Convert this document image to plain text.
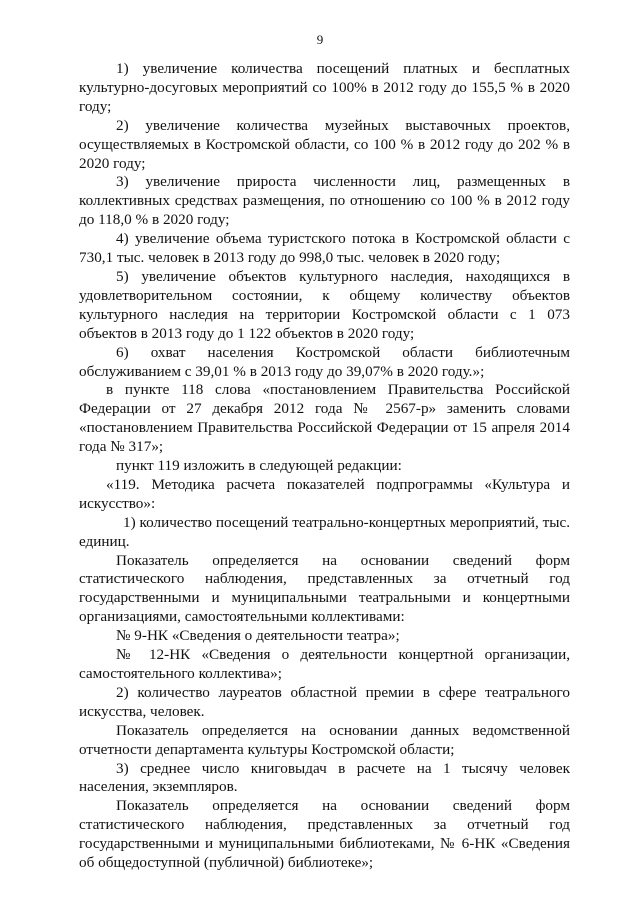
9

1) увеличение количества посещений платных и бесплатных культурно-досуговых мероприятий со 100% в 2012 году до 155,5 % в 2020 году;

2) увеличение количества музейных выставочных проектов, осуществляемых в Костромской области, со 100 % в 2012 году до 202 % в 2020 году;

3) увеличение прироста численности лиц, размещенных в коллективных средствах размещения, по отношению со 100 % в 2012 году до 118,0 % в 2020 году;

4) увеличение объема туристского потока в Костромской области с 730,1 тыс. человек в 2013 году до 998,0 тыс. человек в 2020 году;

5) увеличение объектов культурного наследия, находящихся в удовлетворительном состоянии, к общему количеству объектов культурного наследия на территории Костромской области с 1 073 объектов в 2013 году до 1 122 объектов в 2020 году;

6) охват населения Костромской области библиотечным обслуживанием с 39,01 % в 2013 году до 39,07% в 2020 году.»;

в пункте 118 слова «постановлением Правительства Российской Федерации от 27 декабря 2012 года № 2567-р» заменить словами «постановлением Правительства Российской Федерации от 15 апреля 2014 года № 317»;

пункт 119 изложить в следующей редакции:

«119. Методика расчета показателей подпрограммы «Культура и искусство»:

1) количество посещений театрально-концертных мероприятий, тыс. единиц.

Показатель определяется на основании сведений форм статистического наблюдения, представленных за отчетный год государственными и муниципальными театральными и концертными организациями, самостоятельными коллективами:

№ 9-НК «Сведения о деятельности театра»;

№ 12-НК «Сведения о деятельности концертной организации, самостоятельного коллектива»;

2) количество лауреатов областной премии в сфере театрального искусства, человек.

Показатель определяется на основании данных ведомственной отчетности департамента культуры Костромской области;

3) среднее число книговыдач в расчете на 1 тысячу человек населения, экземпляров.

Показатель определяется на основании сведений форм статистического наблюдения, представленных за отчетный год государственными и муниципальными библиотеками, № 6-НК «Сведения об общедоступной (публичной) библиотеке»;
